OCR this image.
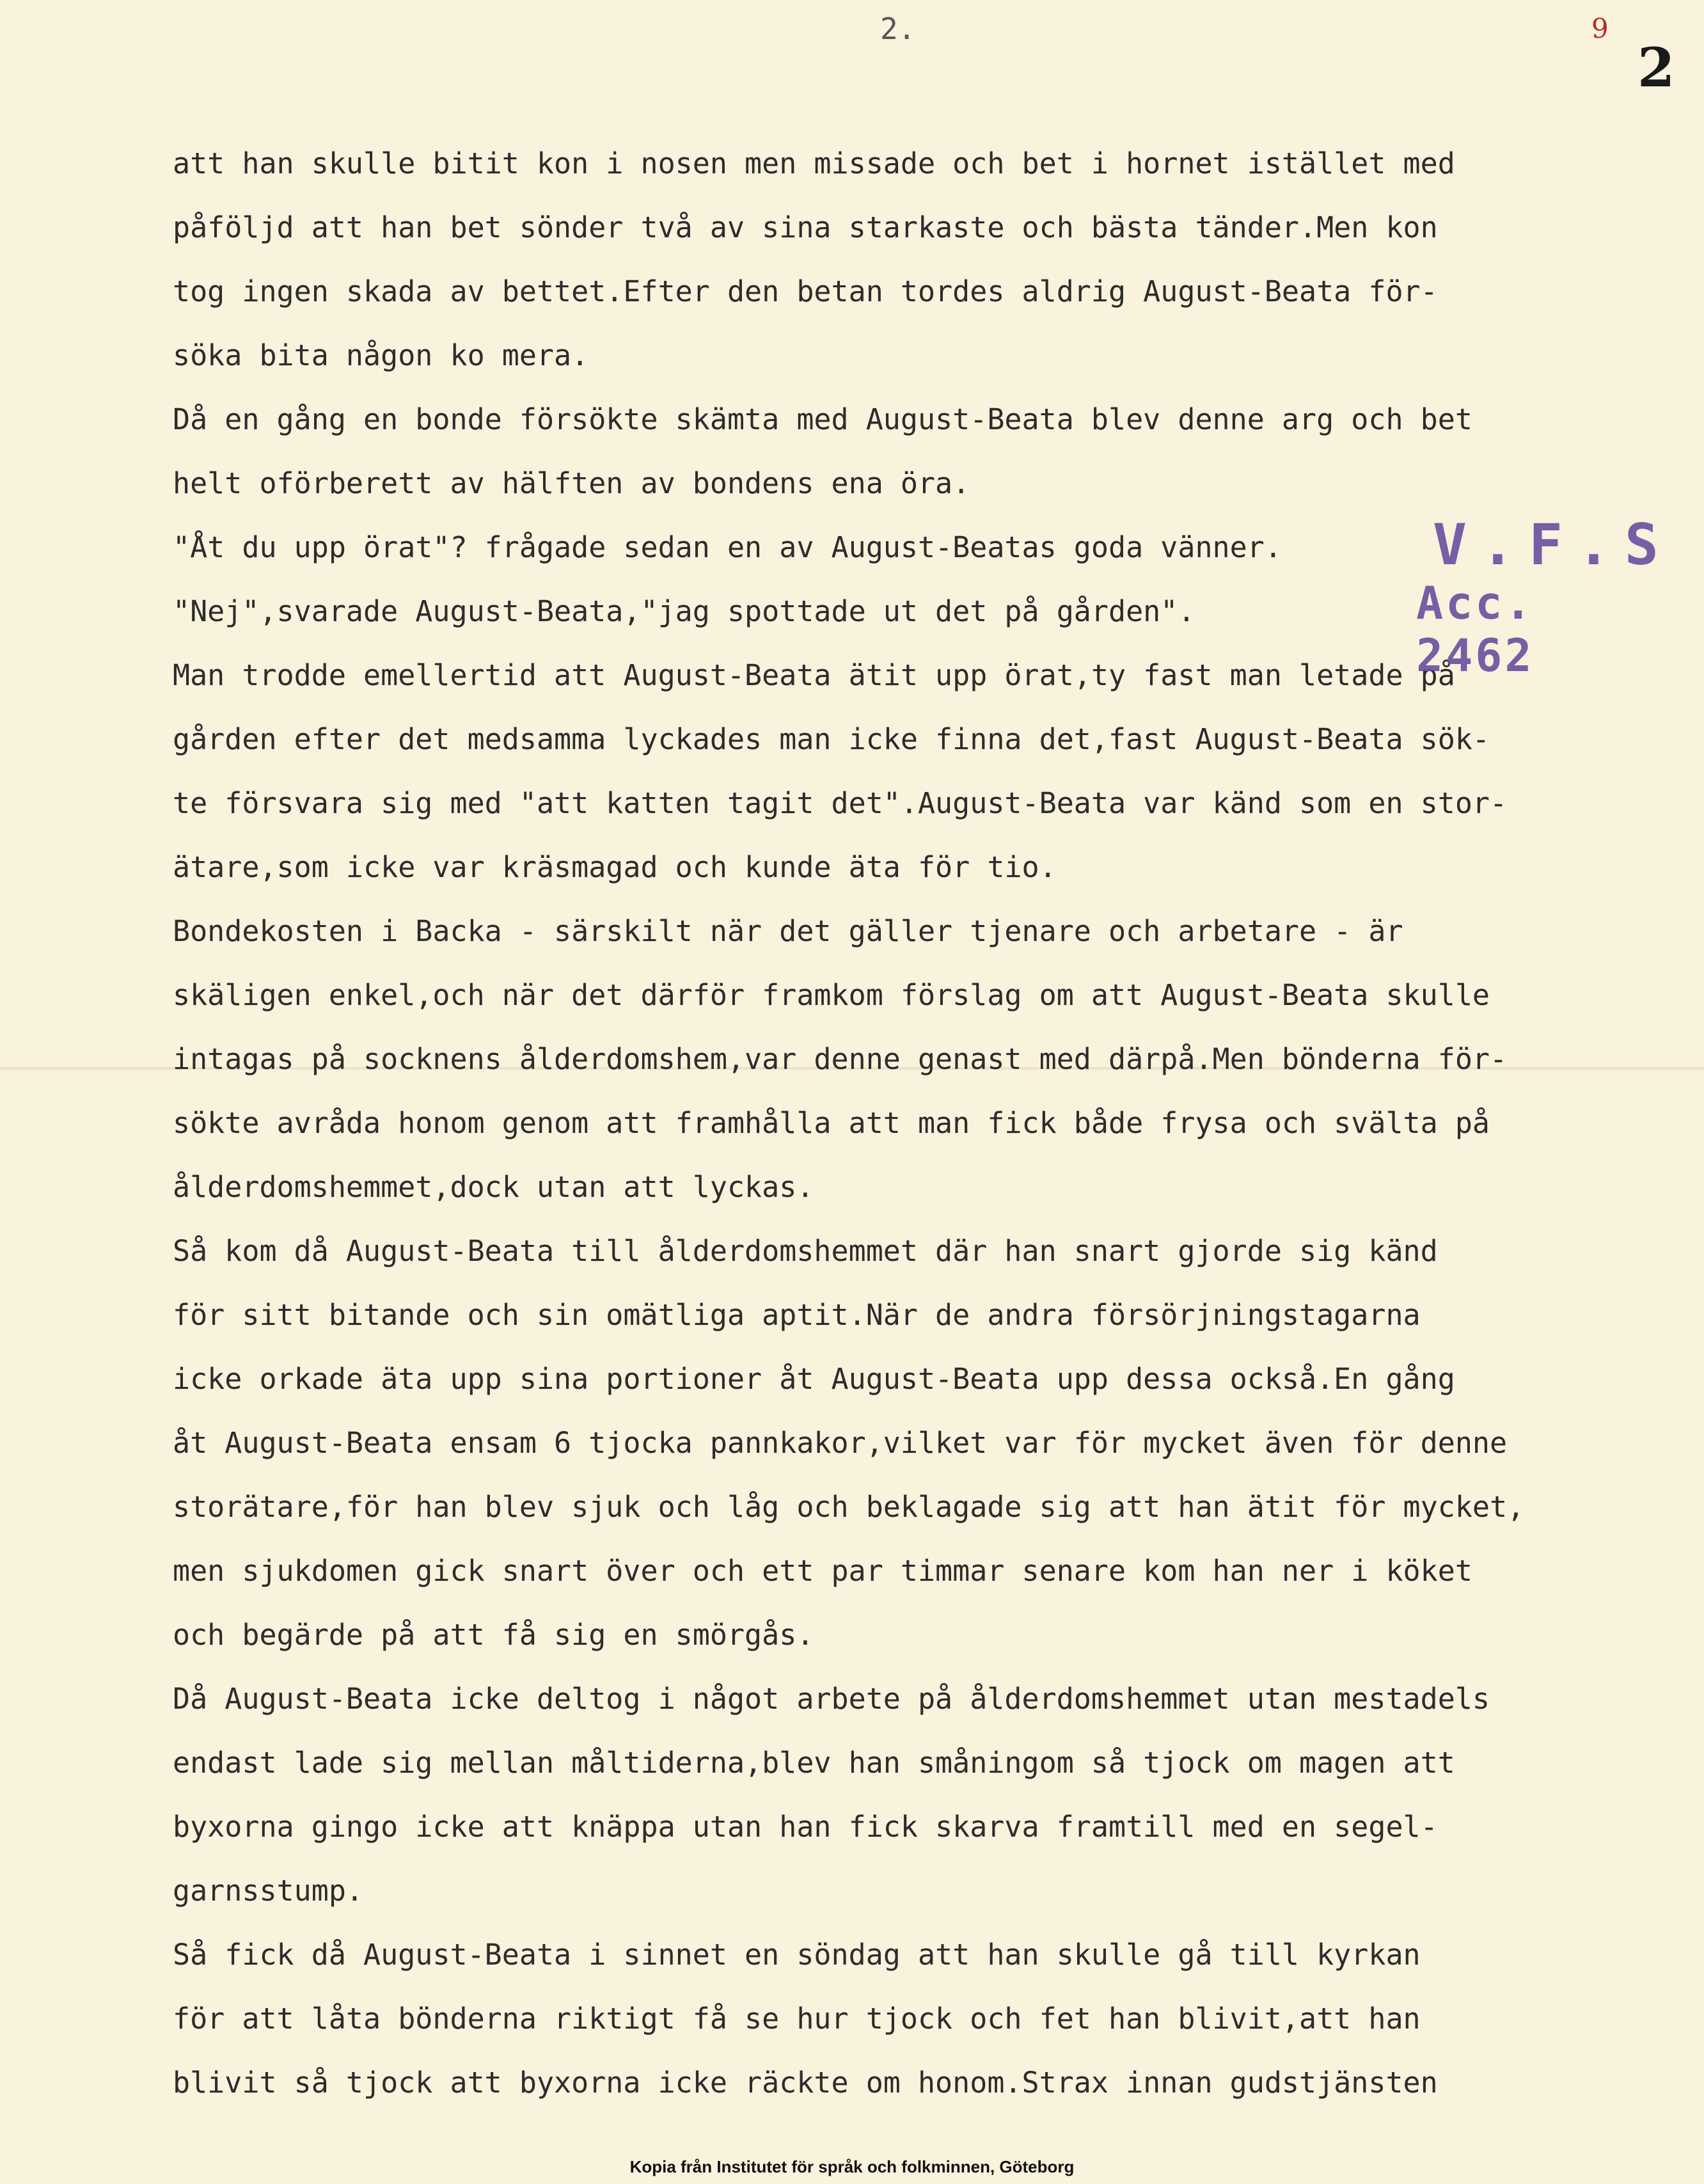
2.	9
2

att han skulle bitit kon i nosen men missade och bet i hornet istället med

påföljd att han bet sönder två av sina starkaste och bästa tänder.Men kon

tog ingen skada av bettet.Efter den betan tordes aldrig August-Beata för-

söka bita någon ko mera.

Då en gång en bonde försökte skämta med August-Beata blev denne arg och bet

helt oförberett av hälften av bondens ena öra.

"Åt du upp örat"? frågade sedan en av August-Beatas goda vänner.

"Nej",svarade August-Beata,"jag spottade ut det på gården".

Man trodde emellertid att August-Beata ätit upp örat,ty fast man letade på

gården efter det medsamma lyckades man icke finna det,fast August-Beata sök-

te försvara sig med "att katten tagit det".August-Beata var känd som en stor-

ätare,som icke var kräsmagad och kunde äta för tio.

Bondekosten i Backa - särskilt när det gäller tjenare och arbetare - är

skäligen enkel,och när det därför framkom förslag om att August-Beata skulle

intagas på socknens ålderdomshem,var denne genast med därpå.Men bönderna för-

sökte avråda honom genom att framhålla att man fick både frysa och svälta på

ålderdomshemmet,dock utan att lyckas.

Så kom då August-Beata till ålderdomshemmet där han snart gjorde sig känd

för sitt bitande och sin omätliga aptit.När de andra försörjningstagarna

icke orkade äta upp sina portioner åt August-Beata upp dessa också.En gång

åt August-Beata ensam 6 tjocka pannkakor,vilket var för mycket även för denne

storätare,för han blev sjuk och låg och beklagade sig att han ätit för mycket,

men sjukdomen gick snart över och ett par timmar senare kom han ner i köket

och begärde på att få sig en smörgås.

Då August-Beata icke deltog i något arbete på ålderdomshemmet utan mestadels

endast lade sig mellan måltiderna,blev han småningom så tjock om magen att

byxorna gingo icke att knäppa utan han fick skarva framtill med en segel-

garnsstump.

Så fick då August-Beata i sinnet en söndag att han skulle gå till kyrkan

för att låta bönderna riktigt få se hur tjock och fet han blivit,att han

blivit så tjock att byxorna icke räckte om honom.Strax innan gudstjänsten

V.F.S
Acc. 2462
Kopia från Institutet för språk och folkminnen, Göteborg
